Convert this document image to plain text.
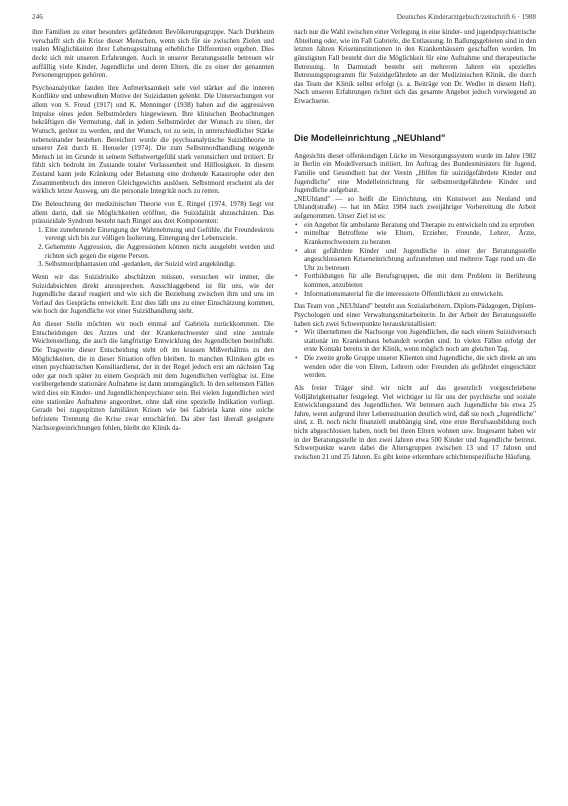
246	Deutsches Kinderarztgebuch/zeitschrift 6 · 1988

ihre Familien zu einer besonders gefährdeten Bevölkerungsgruppe. Nach Durkheim verschafft sich die Krise dieser Menschen, wenn sich für sie zwischen Zielen und realen Möglichkeiten ihrer Lebensgestaltung erhebliche Differenzen ergeben. Dies deckt sich mit unseren Erfahrungen. Auch in unserer Beratungsstelle betreuen wir auffällig viele Kinder, Jugendliche und deren Eltern, die zu einer der genannten Personengruppen gehören.

Psychoanalytiker fanden ihre Aufmerksamkeit sehr viel stärker auf die inneren Konflikte und unbewußten Motive der Suizidanten gelenkt. Die Untersuchungen vor allem von S. Freud (1917) und K. Menninger (1938) haben auf die aggressiven Impulse eines jeden Selbstmörders hingewiesen. Ihre klinischen Beobachtungen bekräftigen die Vermutung, daß in jedem Selbstmörder der Wunsch zu töten, der Wunsch, getötet zu werden, und der Wunsch, tot zu sein, in unterschiedlicher Stärke nebeneinander bestehen. Bereichert wurde die psychoanalytische Suizidtheorie in unserer Zeit durch H. Henseler (1974). Die zum Selbstmordhandlung neigende Mensch ist im Grunde in seinem Selbstwertgefühl stark verunsichert und irritiert. Er fühlt sich bedroht im Zustande totaler Verlassenheit und Hilflosigkeit. In diesem Zustand kann jede Kränkung oder Belastung eine drohende Katastrophe oder den Zusammenbruch des inneren Gleichgewichts auslösen. Selbstmord erscheint als der wirklich letzte Ausweg, um die personale Integrität noch zu retten.

Die Beleuchtung der medizinischen Theorie von E. Ringel (1974, 1978) liegt vor allem darin, daß sie Möglichkeiten eröffnet, die Suizidalität abzuschätzen. Das präsuizidale Syndrom besteht nach Ringel aus drei Komponenten:

1. Eine zunehmende Einengung der Wahrnehmung und Gefühle, die Freundeskreis verengt sich bis zur völligen Isolierung, Einengung der Lebensziele.
2. Gehemmte Aggression, die Aggressionen können nicht ausgelebt werden und richten sich gegen die eigene Person.
3. Selbstmordphantasien und -gedanken, der Suizid wird angekündigt.

Wenn wir das Suizidrisiko abschätzen müssen, versuchen wir immer, die Suizidabsichten direkt anzusprechen. Ausschlaggebend ist für uns, wie der Jugendliche darauf reagiert und wie sich die Beziehung zwischen ihm und uns im Verlauf des Gesprächs entwickelt. Erst dies läßt uns zu einer Einschätzung kommen, wie hoch der Jugendliche vor einer Suizidhandlung steht.

An dieser Stelle möchten wir noch einmal auf Gabriela zurückkommen. Die Entscheidungen des Arztes und der Krankenschwester sind eine zentrale Weichenstellung, die auch die langfristige Entwicklung des Jugendlichen beeinflußt. Die Tragweite dieser Entscheidung steht oft im krassen Mißverhältnis zu den Möglichkeiten, die in dieser Situation offen bleiben. In manchen Kliniken gibt es einen psychiatrischen Konsiliardienst, der in der Regel jedoch erst am nächsten Tag oder gar noch später zu einem Gespräch mit dem Jugendlichen verfügbar ist. Eine vorübergehende stationäre Aufnahme ist dann unumgänglich. In den seltensten Fällen wird dies ein Kinder- und Jugendlichenpsychiater sein. Bei vielen Jugendlichen wird eine stationäre Aufnahme angeordnet, ohne daß eine spezielle Indikation vorliegt. Gerade bei zugespitzten familiären Krisen wie bei Gabriela kann eine solche befristete Trennung die Krise zwar entschärfen. Da aber fast überall geeignete Nachsorgeeinrichtungen fehlen, bleibt der Klinik da-

nach nur die Wahl zwischen einer Verlegung in eine kinder- und jugendpsychiatrische Abteilung oder, wie im Fall Gabriele, die Entlassung. In Ballungsgebieten sind in den letzten Jahren Kriseninstitutionen in den Krankenhäusern geschaffen worden. Im günstigsten Fall besteht dort die Möglichkeit für eine Aufnahme und therapeutische Betreuung. In Darmstadt besteht seit mehreren Jahren ein spezielles Betreuungsprogramm für Suizidgefährdete an der Medizinischen Klinik, die durch das Team der Klinik selbst erfolgt (s. a. Beiträge von Dr. Wedler in diesem Heft). Nach unseren Erfahrungen richtet sich das gesamte Angebot jedoch vorwiegend an Erwachsene.

Die Modelleinrichtung „NEUhland"

Angesichts dieser offenkundigen Lücke im Versorgungssystem wurde im Jahre 1982 in Berlin ein Modellversuch initiiert. Im Auftrag des Bundesministers für Jugend, Familie und Gesundheit hat der Verein „Hilfen für suizidgefährdete Kinder und Jugendliche" eine Modelleinrichtung für selbstmordgefährdete Kinder und Jugendliche aufgebaut.

„NEUhland" — so heißt die Einrichtung, ein Kunstwort aus Neuland und Uhland(straße) — hat im März 1984 nach zweijähriger Vorbereitung die Arbeit aufgenommen. Unser Ziel ist es:

• ein Angebot für ambulante Beratung und Therapie zu entwickeln und zu erproben
• mittelbar Betroffene wie Eltern, Erzieher, Freunde, Lehrer, Ärzte, Krankenschwestern zu beraten
• akut gefährdete Kinder und Jugendliche in einer der Beratungsstelle angeschlossenen Kriseneinrichtung aufzunehmen und mehrere Tage rund um die Uhr zu betreuen
• Fortbildungen für alle Berufsgruppen, die mit dem Problem in Berührung kommen, anzubieten
• Informationsmaterial für die interessierte Öffentlichkeit zu entwickeln.

Das Team von „NEUhland" besteht aus Sozialarbeitern, Diplom-Pädagogen, Diplom-Psychologen und einer Verwaltungsmitarbeiterin. In der Arbeit der Beratungsstelle haben sich zwei Schwerpunkte herauskristallisiert:

• Wir übernehmen die Nachsorge von Jugendlichen, die nach einem Suizidversuch stationär im Krankenhaus behandelt worden sind. In vielen Fällen erfolgt der erste Kontakt bereits in der Klinik, wenn möglich noch am gleichen Tag.
• Die zweite große Gruppe unserer Klienten sind Jugendliche, die sich direkt an uns wenden oder die von Eltern, Lehrern oder Freunden als gefährdet eingeschätzt werden.

Als freier Träger sind wir nicht auf das gesetzlich vorgeschriebene Volljährigkeitsalter festgelegt. Viel wichtiger ist für uns der psychische und soziale Entwicklungsstand des Jugendlichen. Wir betreuen auch Jugendliche bis etwa 25 Jahre, wenn aufgrund ihrer Lebenssituation deutlich wird, daß sie noch „Jugendliche" sind, z. B. noch nicht finanziell unabhängig sind, eine erste Berufsausbildung noch nicht abgeschlossen haben, noch bei ihren Eltern wohnen usw. Insgesamt haben wir in der Beratungsstelle in den zwei Jahren etwa 500 Kinder und Jugendliche betreut. Schwerpunkte waren dabei die Altersgruppen zwischen 13 und 17 Jahren und zwischen 21 und 25 Jahren. Es gibt keine erkennbare schichtenspezifische Häufung.
